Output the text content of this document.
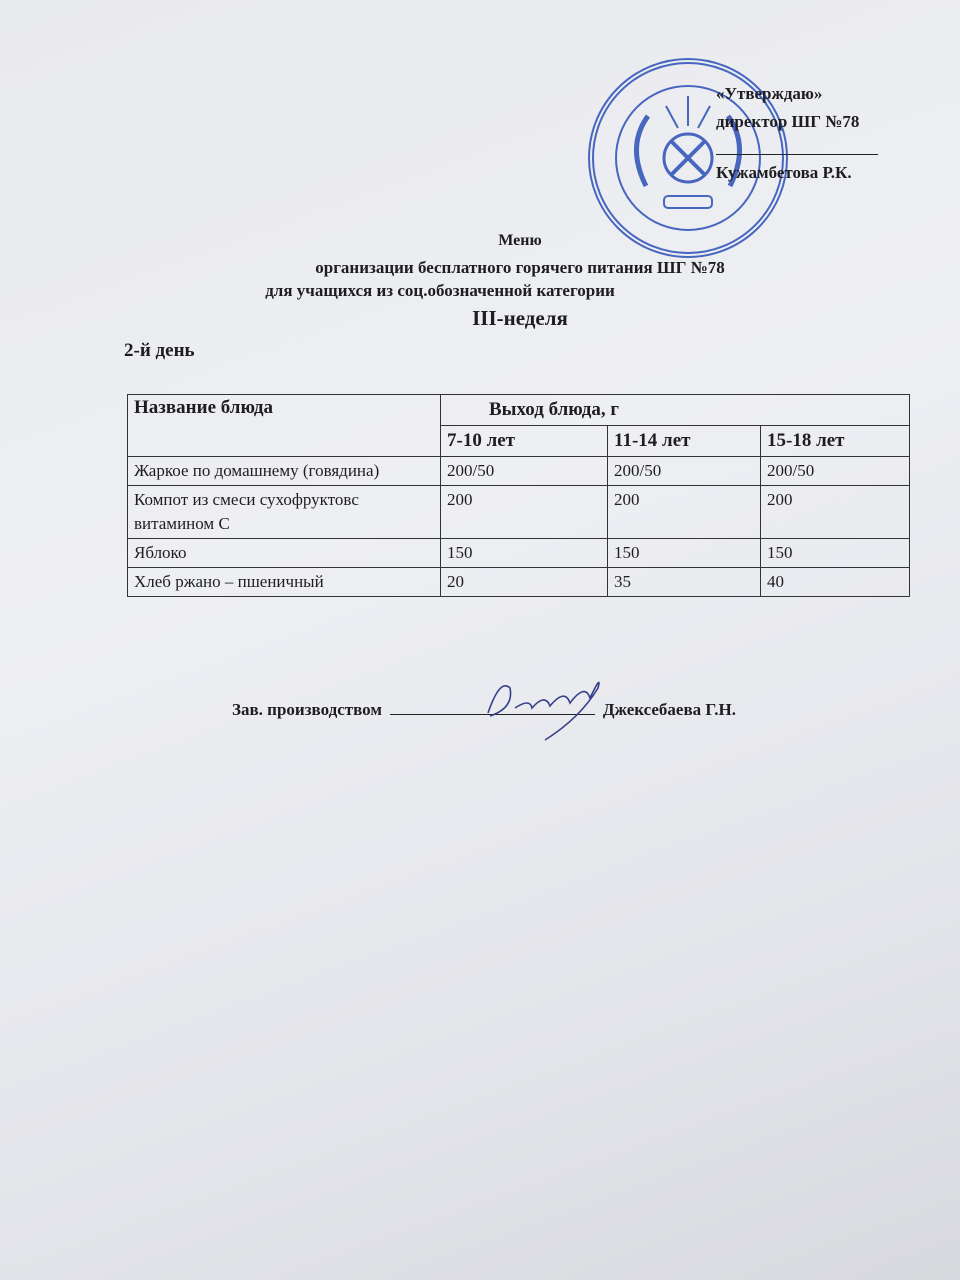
«Утверждаю»
директор ШГ №78
Кужамбетова Р.К.
Меню
организации бесплатного горячего питания ШГ №78
для учащихся из соц.обозначенной категории
III-неделя
2-й день
Название блюда	Выход блюда, г		
	7-10 лет	11-14 лет	15-18 лет
Жаркое по домашнему (говядина)	200/50	200/50	200/50
Компот из смеси сухофруктовс витамином С	200	200	200
Яблоко	150	150	150
Хлеб ржано – пшеничный	20	35	40
Зав. производством	Джексебаева Г.Н.
